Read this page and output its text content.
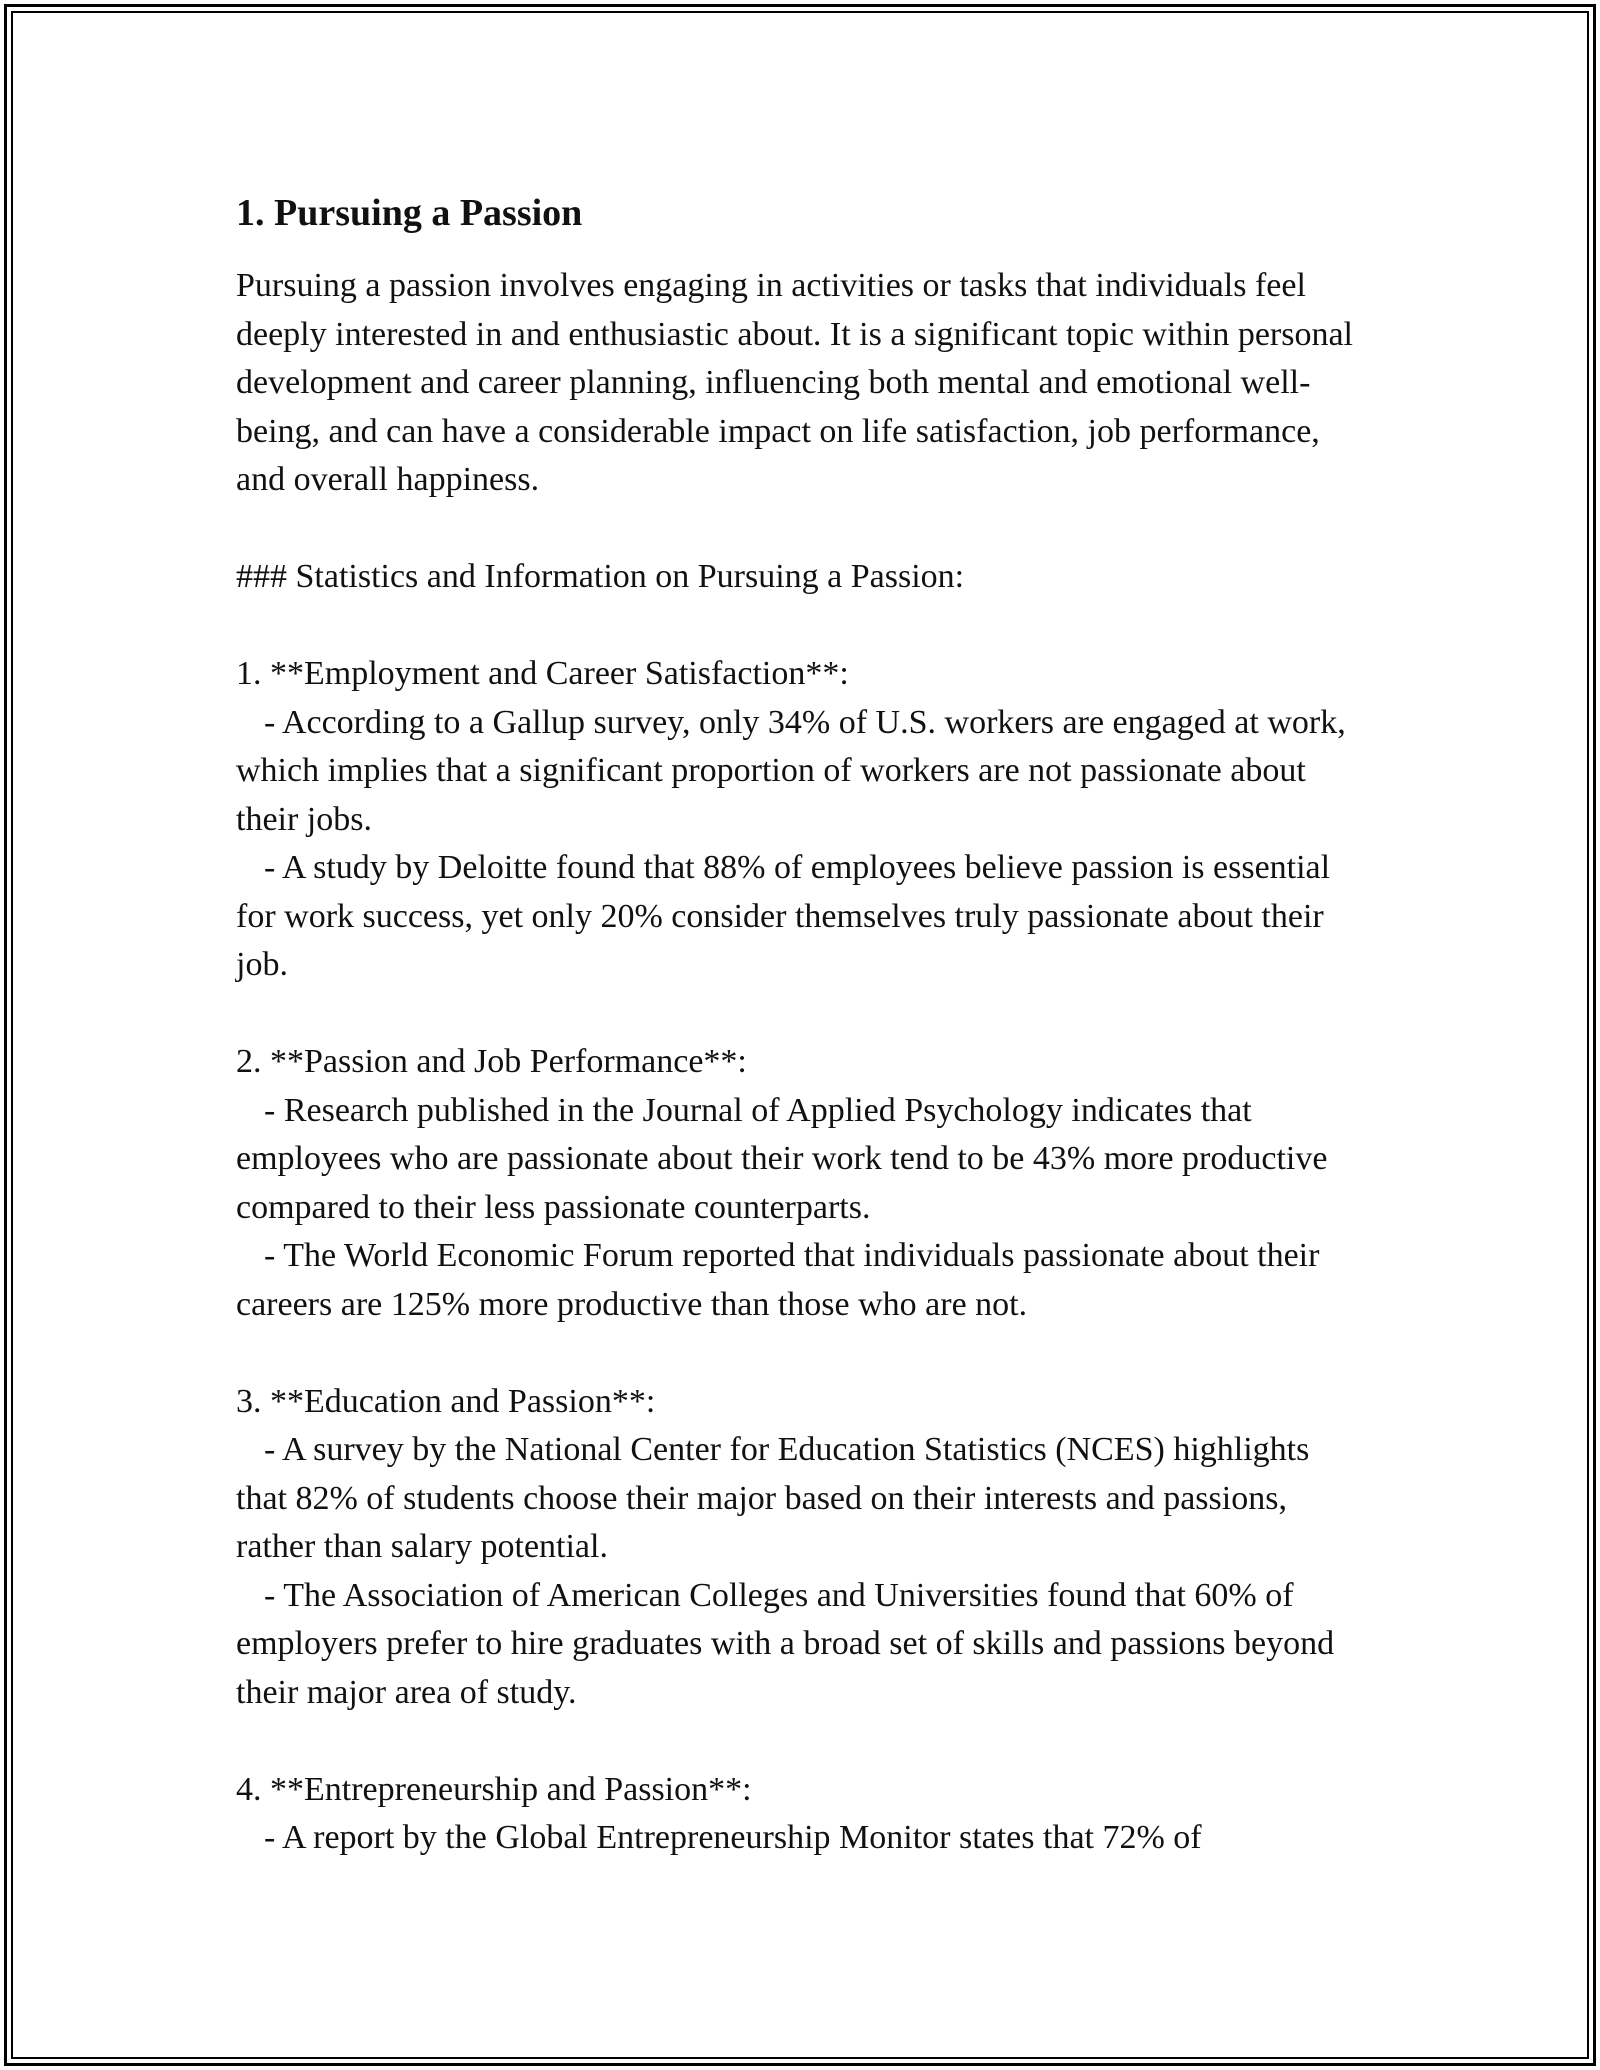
1. Pursuing a Passion

Pursuing a passion involves engaging in activities or tasks that individuals feel deeply interested in and enthusiastic about. It is a significant topic within personal development and career planning, influencing both mental and emotional well-being, and can have a considerable impact on life satisfaction, job performance, and overall happiness.

### Statistics and Information on Pursuing a Passion:

1. **Employment and Career Satisfaction**:

- According to a Gallup survey, only 34% of U.S. workers are engaged at work, which implies that a significant proportion of workers are not passionate about their jobs.

- A study by Deloitte found that 88% of employees believe passion is essential for work success, yet only 20% consider themselves truly passionate about their job.

2. **Passion and Job Performance**:

- Research published in the Journal of Applied Psychology indicates that employees who are passionate about their work tend to be 43% more productive compared to their less passionate counterparts.

- The World Economic Forum reported that individuals passionate about their careers are 125% more productive than those who are not.

3. **Education and Passion**:

- A survey by the National Center for Education Statistics (NCES) highlights that 82% of students choose their major based on their interests and passions, rather than salary potential.

- The Association of American Colleges and Universities found that 60% of employers prefer to hire graduates with a broad set of skills and passions beyond their major area of study.

4. **Entrepreneurship and Passion**:

- A report by the Global Entrepreneurship Monitor states that 72% of
